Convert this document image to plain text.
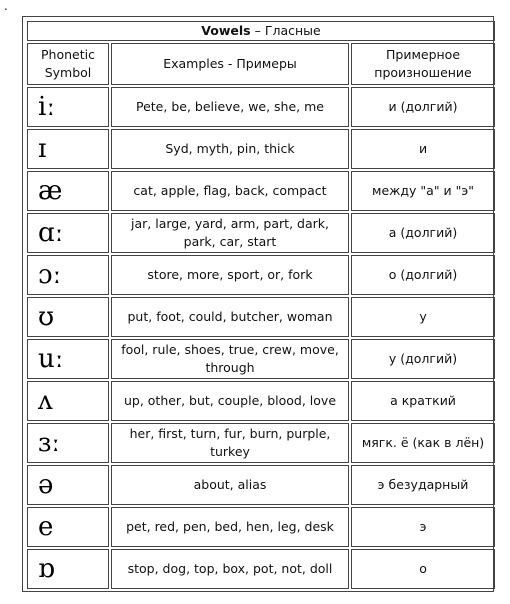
.
Vowels – Гласные		
Phonetic Symbol	Examples - Примеры	Примерное произношение
iː	Pete, be, believe, we, she, me	и (долгий)
ɪ	Syd, myth, pin, thick	и
æ	cat, apple, flag, back, compact	между "а" и "э"
ɑː	jar, large, yard, arm, part, dark, park, car, start	а (долгий)
ɔː	store, more, sport, or, fork	о (долгий)
ʊ	put, foot, could, butcher, woman	у
uː	fool, rule, shoes, true, crew, move, through	у (долгий)
ʌ	up, other, but, couple, blood, love	а краткий
ɜː	her, first, turn, fur, burn, purple, turkey	мягк. ё (как в лён)
ə	about, alias	э безударный
e	pet, red, pen, bed, hen, leg, desk	э
ɒ	stop, dog, top, box, pot, not, doll	о
